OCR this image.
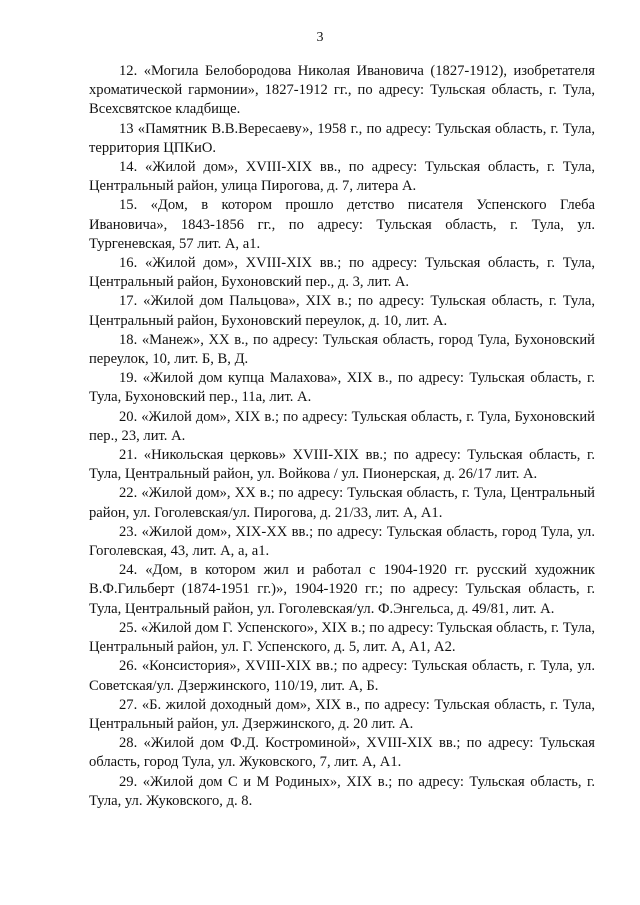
3

12. «Могила Белобородова Николая Ивановича (1827-1912), изобретателя хроматической гармонии», 1827-1912 гг., по адресу: Тульская область, г. Тула, Всехсвятское кладбище.

13 «Памятник В.В.Вересаеву», 1958 г., по адресу: Тульская область, г. Тула, территория ЦПКиО.

14. «Жилой дом», XVIII-XIX вв., по адресу: Тульская область, г. Тула, Центральный район, улица Пирогова, д. 7, литера А.

15. «Дом, в котором прошло детство писателя Успенского Глеба Ивановича», 1843-1856 гг., по адресу: Тульская область, г. Тула, ул. Тургеневская, 57 лит. А, а1.

16. «Жилой дом», XVIII-XIX вв.; по адресу: Тульская область, г. Тула, Центральный район, Бухоновский пер., д. 3, лит. А.

17. «Жилой дом Пальцова», XIX в.; по адресу: Тульская область, г. Тула, Центральный район, Бухоновский переулок, д. 10, лит. А.

18. «Манеж», XX в., по адресу: Тульская область, город Тула, Бухоновский переулок, 10, лит. Б, В, Д.

19. «Жилой дом купца Малахова», XIX в., по адресу: Тульская область, г. Тула, Бухоновский пер., 11а, лит. А.

20. «Жилой дом», XIX в.; по адресу: Тульская область, г. Тула, Бухоновский пер., 23, лит. А.

21. «Никольская церковь» XVIII-XIX вв.; по адресу: Тульская область, г. Тула, Центральный район, ул. Войкова / ул. Пионерская, д. 26/17 лит. А.

22. «Жилой дом», XX в.; по адресу: Тульская область, г. Тула, Центральный район, ул. Гоголевская/ул. Пирогова, д. 21/33, лит. А, А1.

23. «Жилой дом», XIX-XX вв.; по адресу: Тульская область, город Тула, ул. Гоголевская, 43, лит. А, а, а1.

24. «Дом, в котором жил и работал с 1904-1920 гг. русский художник В.Ф.Гильберт (1874-1951 гг.)», 1904-1920 гг.; по адресу: Тульская область, г. Тула, Центральный район, ул. Гоголевская/ул. Ф.Энгельса, д. 49/81, лит. А.

25. «Жилой дом Г. Успенского», XIX в.; по адресу: Тульская область, г. Тула, Центральный район, ул. Г. Успенского, д. 5, лит. А, А1, А2.

26. «Консистория», XVIII-XIX вв.; по адресу: Тульская область, г. Тула, ул. Советская/ул. Дзержинского, 110/19, лит. А, Б.

27. «Б. жилой доходный дом», XIX в., по адресу: Тульская область, г. Тула, Центральный район, ул. Дзержинского, д. 20 лит. А.

28. «Жилой дом Ф.Д. Костроминой», XVIII-XIX вв.; по адресу: Тульская область, город Тула, ул. Жуковского, 7, лит. А, А1.

29. «Жилой дом С и М Родиных», XIX в.; по адресу: Тульская область, г. Тула, ул. Жуковского, д. 8.
